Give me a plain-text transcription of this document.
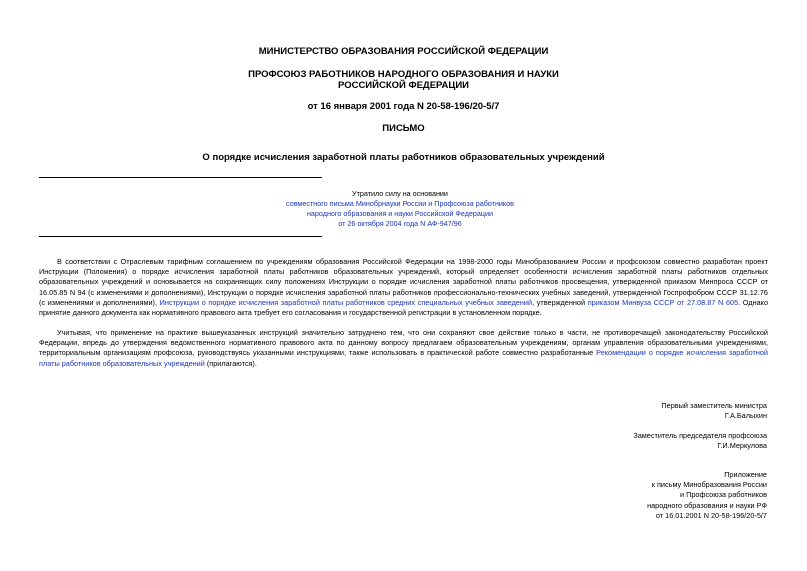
МИНИСТЕРСТВО ОБРАЗОВАНИЯ РОССИЙСКОЙ ФЕДЕРАЦИИ
ПРОФСОЮЗ РАБОТНИКОВ НАРОДНОГО ОБРАЗОВАНИЯ И НАУКИ
РОССИЙСКОЙ ФЕДЕРАЦИИ
от 16 января 2001 года N 20-58-196/20-5/7
ПИСЬМО
О порядке исчисления заработной платы работников образовательных учреждений
Утратило силу на основании
совместного письма Минобрнауки России и Профсоюза работников
народного образования и науки Российской Федерации
от 26 октября 2004 года N АФ-947/96
В соответствии с Отраслевым тарифным соглашением по учреждениям образования Российской Федерации на 1998-2000 годы Минобразованием России и профсоюзом совместно разработан проект Инструкции (Положения) о порядке исчисления заработной платы работников образовательных учреждений, который определяет особенности исчисления заработной платы работников отдельных образовательных учреждений и основывается на сохраняющих силу положениях Инструкции о порядке исчисления заработной платы работников просвещения, утвержденной приказом Минпроса СССР от 16.05.85 N 94 (с изменениями и дополнениями), Инструкции о порядке исчисления заработной платы работников профессионально-технических учебных заведений, утвержденной Госпрофобром СССР 31.12.76 (с изменениями и дополнениями), Инструкции о порядке исчисления заработной платы работников средних специальных учебных заведений, утвержденной приказом Минвуза СССР от 27.08.87 N 605. Однако принятие данного документа как нормативного правового акта требует его согласования и государственной регистрации в установленном порядке.
Учитывая, что применение на практике вышеуказанных инструкций значительно затруднено тем, что они сохраняют свое действие только в части, не противоречащей законодательству Российской Федерации, впредь до утверждения ведомственного нормативного правового акта по данному вопросу предлагаем образовательным учреждениям, органам управления образовательными учреждениями, территориальным организациям профсоюза, руководствуясь указанными инструкциями, также использовать в практической работе совместно разработанные Рекомендации о порядке исчисления заработной платы работников образовательных учреждений (прилагаются).
Первый заместитель министра
Г.А.Балыхин
Заместитель председателя профсоюза
Г.И.Меркулова
Приложение
к письму Минобразования России
и Профсоюза работников
народного образования и науки РФ
от 16.01.2001 N 20-58-196/20-5/7
